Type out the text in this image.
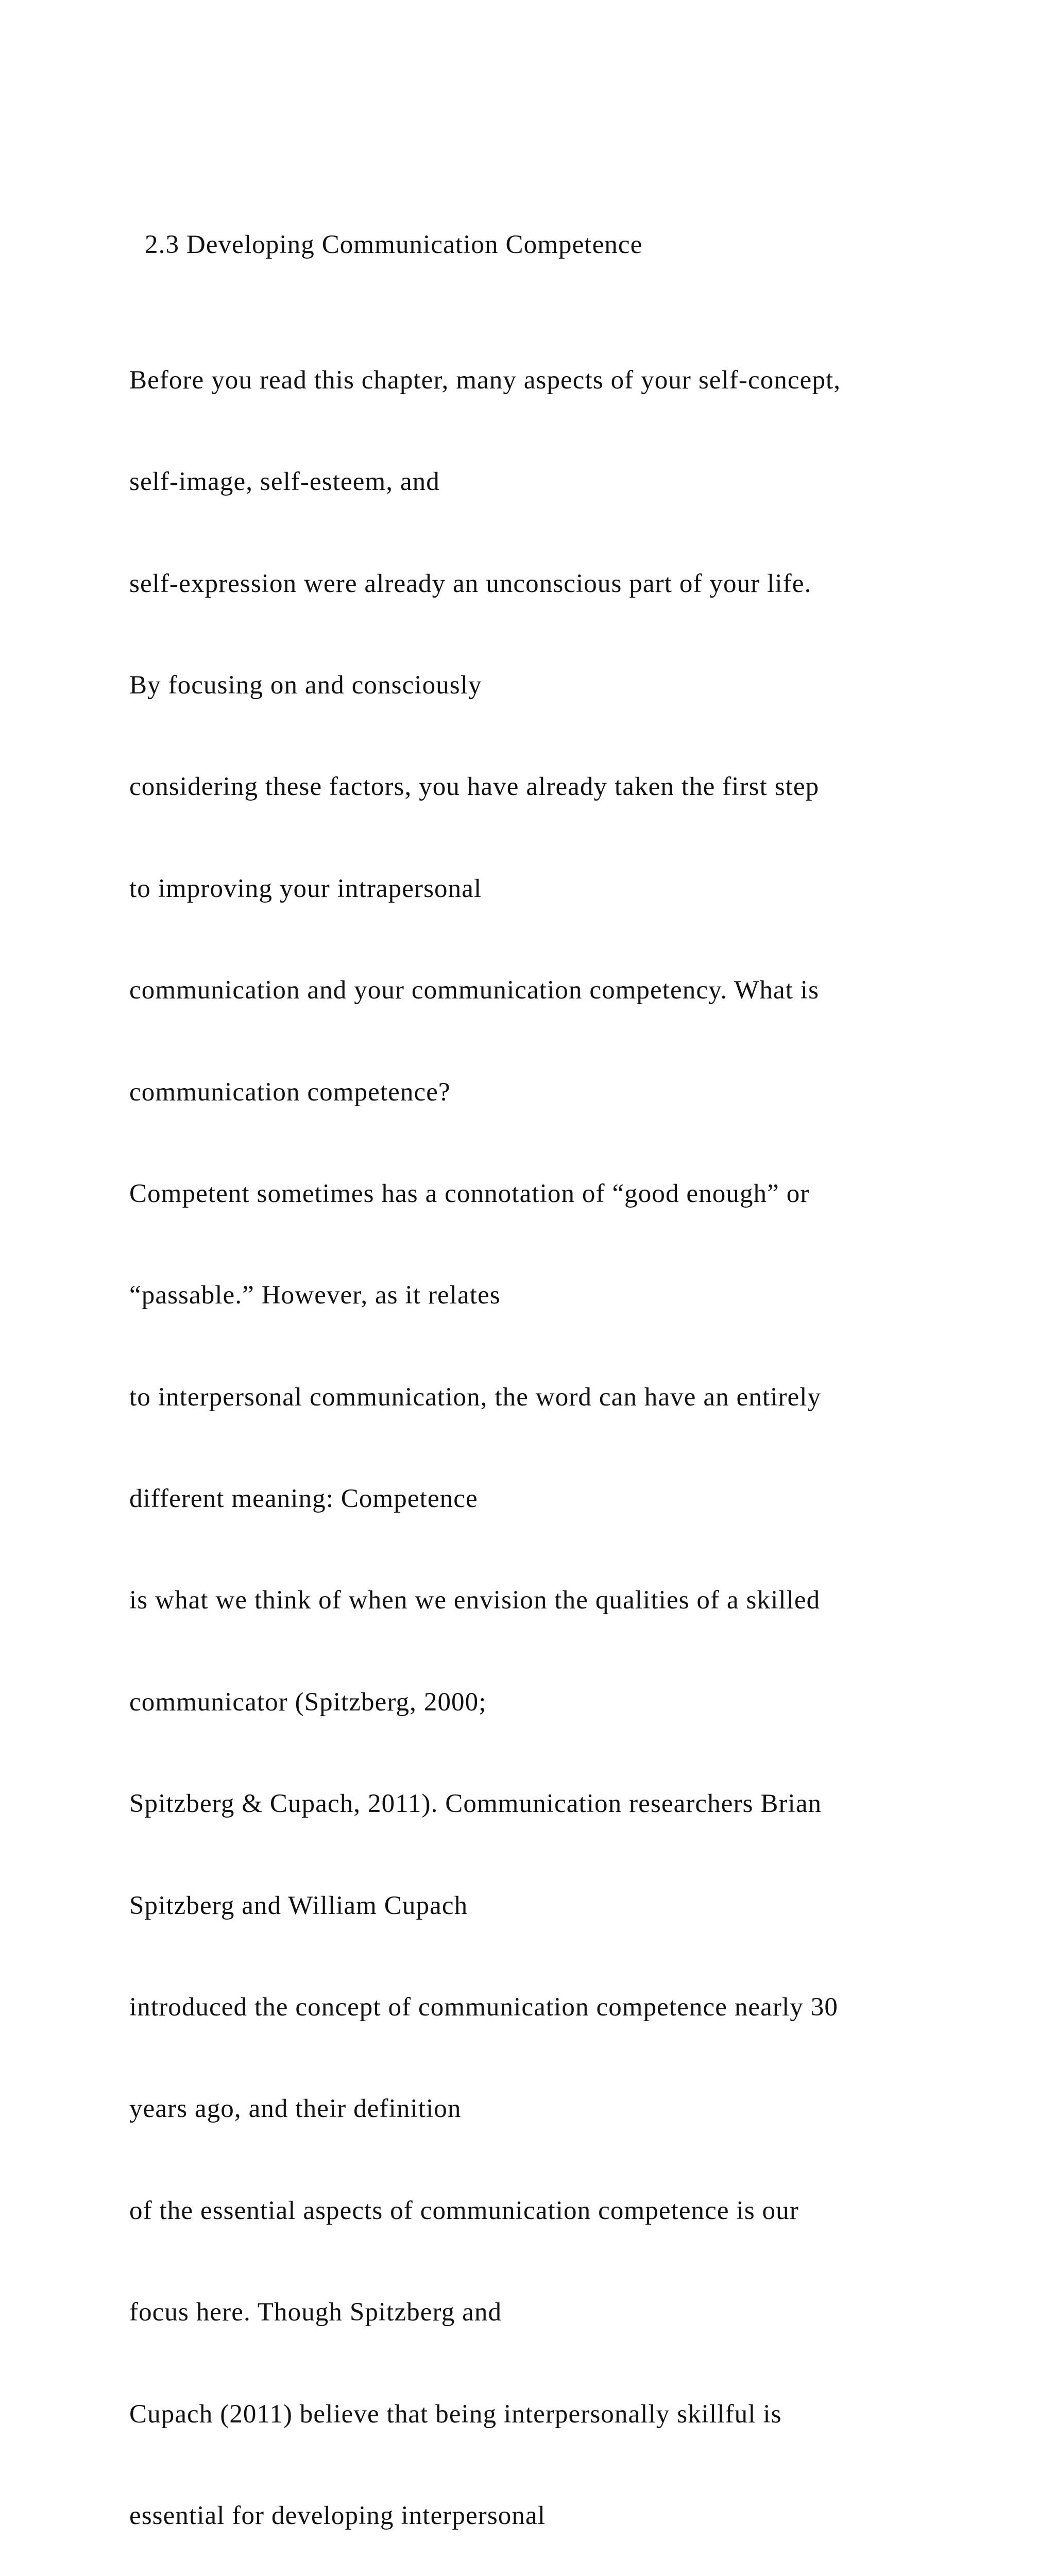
2.3 Developing Communication Competence

Before you read this chapter, many aspects of your self-concept,

self-image, self-esteem, and

self-expression were already an unconscious part of your life.

By focusing on and consciously

considering these factors, you have already taken the first step

to improving your intrapersonal

communication and your communication competency. What is

communication competence?

Competent sometimes has a connotation of “good enough” or

“passable.” However, as it relates

to interpersonal communication, the word can have an entirely

different meaning: Competence

is what we think of when we envision the qualities of a skilled

communicator (Spitzberg, 2000;

Spitzberg & Cupach, 2011). Communication researchers Brian

Spitzberg and William Cupach

introduced the concept of communication competence nearly 30

years ago, and their definition

of the essential aspects of communication competence is our

focus here. Though Spitzberg and

Cupach (2011) believe that being interpersonally skillful is

essential for developing interpersonal
